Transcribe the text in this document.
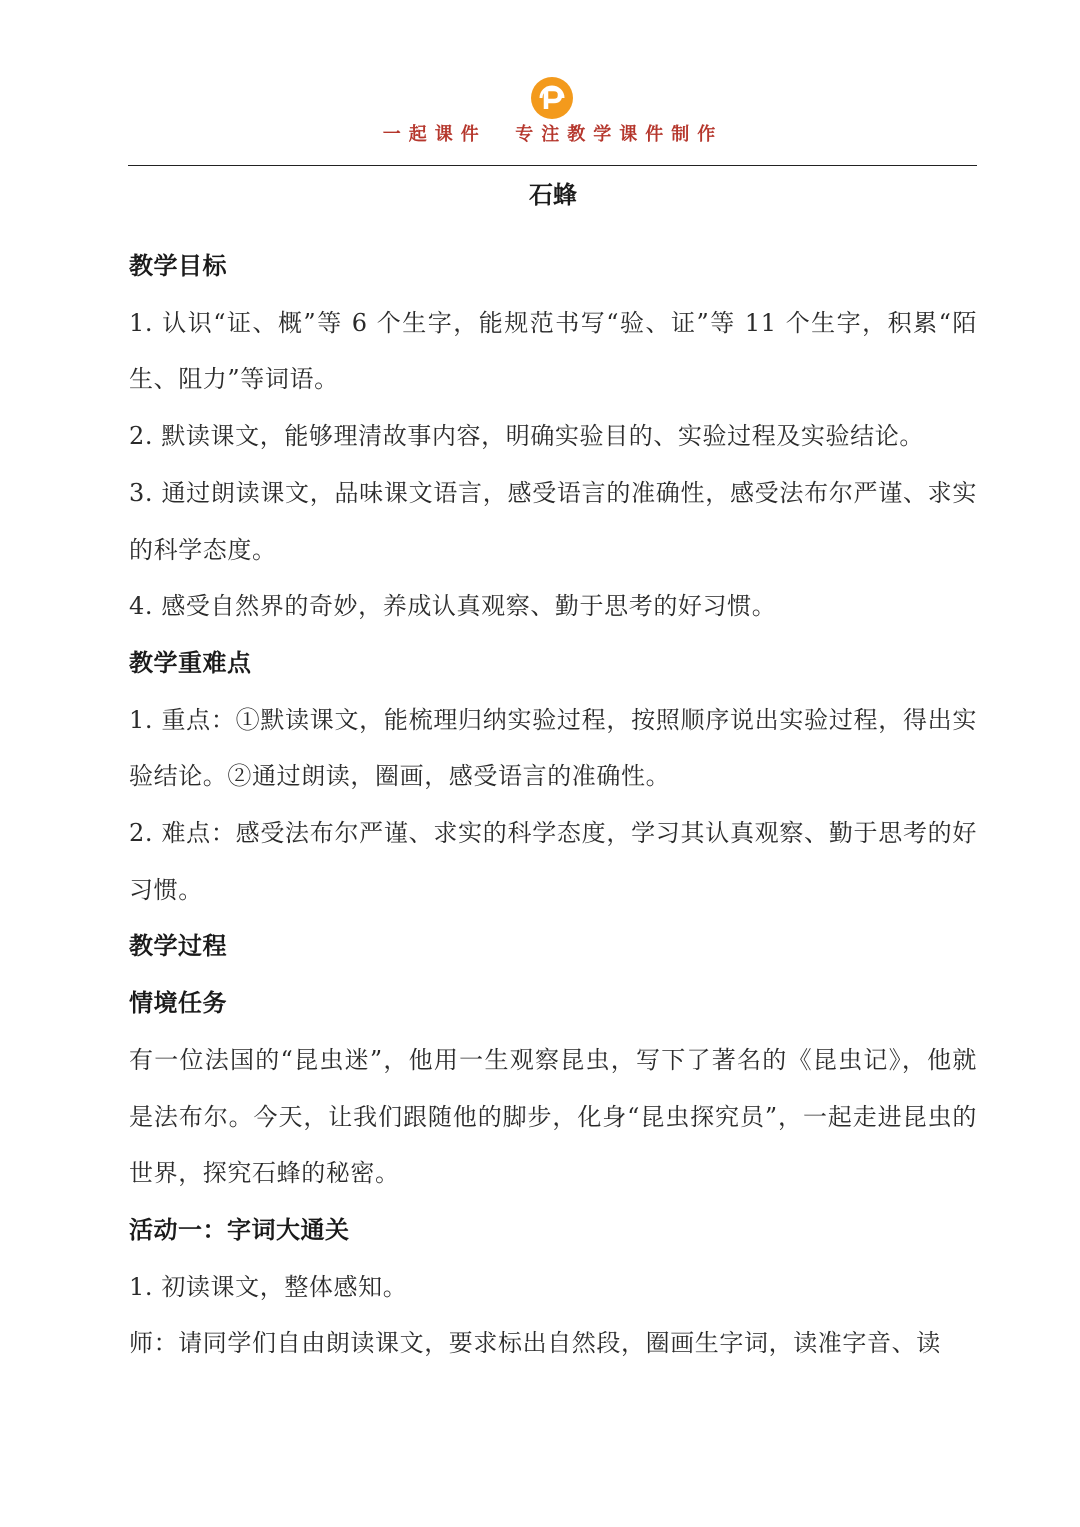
一起课件  专注教学课件制作
石蜂
教学目标

1. 认识“证、概”等 6 个生字，能规范书写“验、证”等 11 个生字，积累“陌生、阻力”等词语。

2. 默读课文，能够理清故事内容，明确实验目的、实验过程及实验结论。

3. 通过朗读课文，品味课文语言，感受语言的准确性，感受法布尔严谨、求实的科学态度。

4. 感受自然界的奇妙，养成认真观察、勤于思考的好习惯。

教学重难点

1. 重点：①默读课文，能梳理归纳实验过程，按照顺序说出实验过程，得出实验结论。②通过朗读，圈画，感受语言的准确性。

2. 难点：感受法布尔严谨、求实的科学态度，学习其认真观察、勤于思考的好习惯。

教学过程
情境任务

有一位法国的“昆虫迷”，他用一生观察昆虫，写下了著名的《昆虫记》，他就是法布尔。今天，让我们跟随他的脚步，化身“昆虫探究员”，一起走进昆虫的世界，探究石蜂的秘密。

活动一：字词大通关

1. 初读课文，整体感知。

师：请同学们自由朗读课文，要求标出自然段，圈画生字词，读准字音、读
